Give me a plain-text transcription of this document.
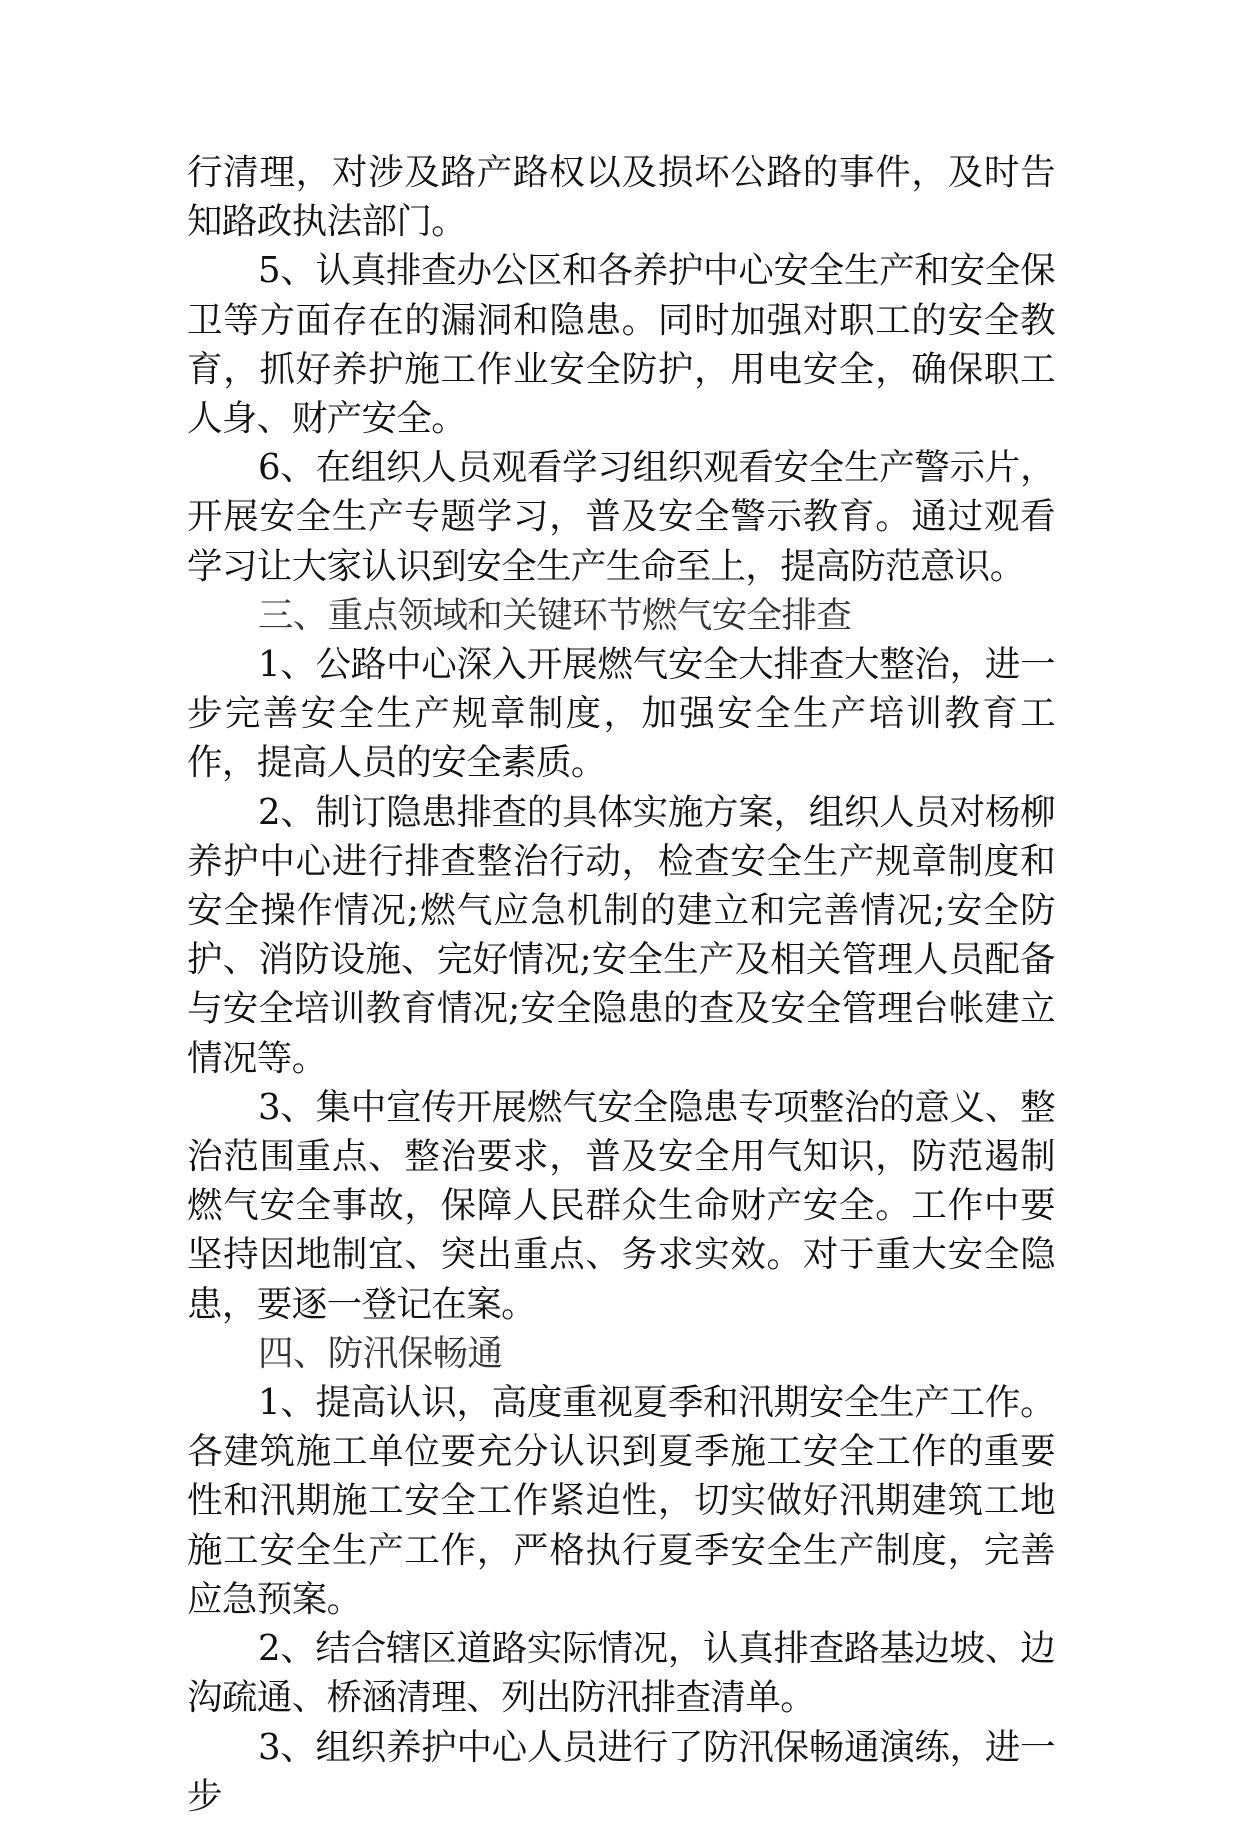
行清理，对涉及路产路权以及损坏公路的事件，及时告知路政执法部门。

5、认真排查办公区和各养护中心安全生产和安全保卫等方面存在的漏洞和隐患。同时加强对职工的安全教育，抓好养护施工作业安全防护，用电安全，确保职工人身、财产安全。

6、在组织人员观看学习组织观看安全生产警示片，开展安全生产专题学习，普及安全警示教育。通过观看学习让大家认识到安全生产生命至上，提高防范意识。

三、重点领域和关键环节燃气安全排查

1、公路中心深入开展燃气安全大排查大整治，进一步完善安全生产规章制度，加强安全生产培训教育工作，提高人员的安全素质。

2、制订隐患排查的具体实施方案，组织人员对杨柳养护中心进行排查整治行动，检查安全生产规章制度和安全操作情况;燃气应急机制的建立和完善情况;安全防护、消防设施、完好情况;安全生产及相关管理人员配备与安全培训教育情况;安全隐患的查及安全管理台帐建立情况等。

3、集中宣传开展燃气安全隐患专项整治的意义、整治范围重点、整治要求，普及安全用气知识，防范遏制燃气安全事故，保障人民群众生命财产安全。工作中要坚持因地制宜、突出重点、务求实效。对于重大安全隐患，要逐一登记在案。

四、防汛保畅通

1、提高认识，高度重视夏季和汛期安全生产工作。各建筑施工单位要充分认识到夏季施工安全工作的重要性和汛期施工安全工作紧迫性，切实做好汛期建筑工地施工安全生产工作，严格执行夏季安全生产制度，完善应急预案。

2、结合辖区道路实际情况，认真排查路基边坡、边沟疏通、桥涵清理、列出防汛排查清单。

3、组织养护中心人员进行了防汛保畅通演练，进一步
